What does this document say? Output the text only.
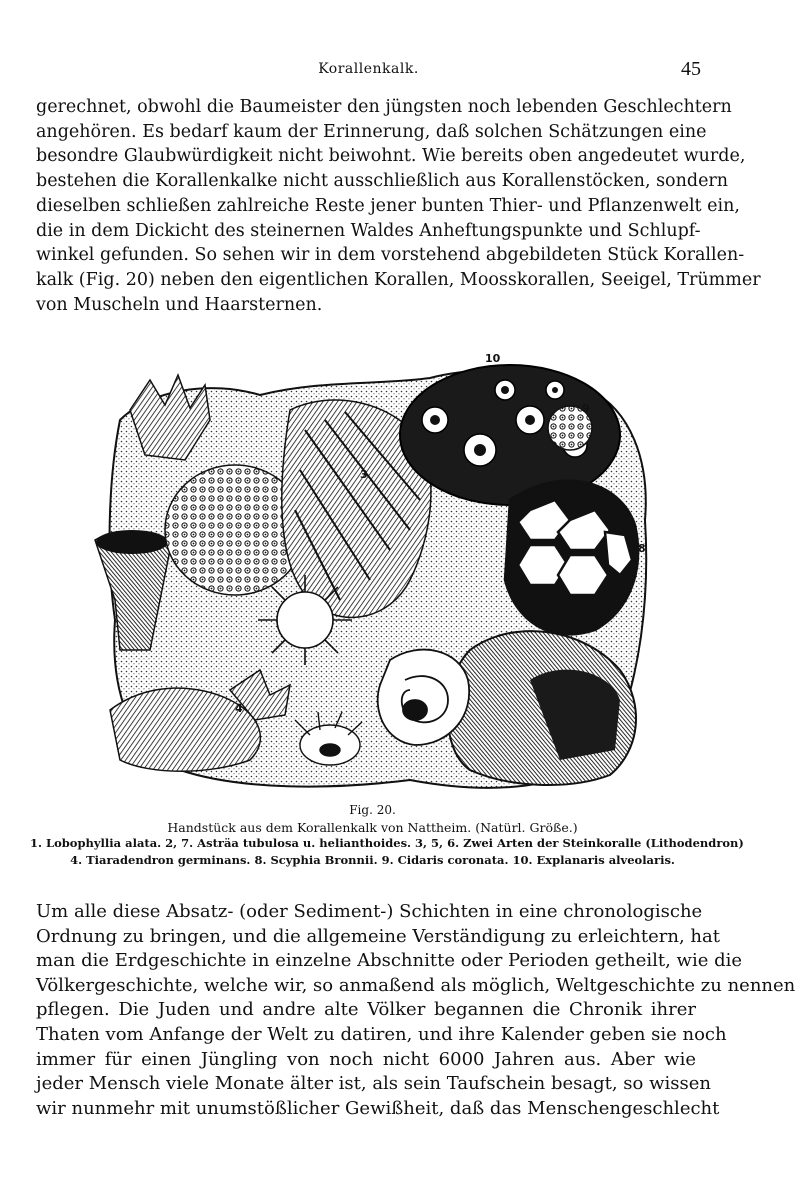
Korallenkalk.	45
gerechnet, obwohl die Baumeister den jüngsten noch lebenden Geschlechtern
angehören. Es bedarf kaum der Erinnerung, daß solchen Schätzungen eine
besondre Glaubwürdigkeit nicht beiwohnt. Wie bereits oben angedeutet wurde,
bestehen die Korallenkalke nicht ausschließlich aus Korallenstöcken, sondern
dieselben schließen zahlreiche Reste jener bunten Thier- und Pflanzenwelt ein,
die in dem Dickicht des steinernen Waldes Anheftungspunkte und Schlupf-
winkel gefunden. So sehen wir in dem vorstehend abgebildeten Stück Korallen-
kalk (Fig. 20) neben den eigentlichen Korallen, Moosskorallen, Seeigel, Trümmer
von Muscheln und Haarsternen.
10
9
8
3
4
Fig. 20.
Handstück aus dem Korallenkalk von Nattheim. (Natürl. Größe.)
1. Lobophyllia alata. 2, 7. Asträa tubulosa u. helianthoides. 3, 5, 6. Zwei Arten der Steinkoralle (Lithodendron)
4. Tiaradendron germinans. 8. Scyphia Bronnii. 9. Cidaris coronata. 10. Explanaris alveolaris.
Um alle diese Absatz- (oder Sediment-) Schichten in eine chronologische
Ordnung zu bringen, und die allgemeine Verständigung zu erleichtern, hat
man die Erdgeschichte in einzelne Abschnitte oder Perioden getheilt, wie die
Völkergeschichte, welche wir, so anmaßend als möglich, Weltgeschichte zu nennen
pflegen. Die Juden und andre alte Völker begannen die Chronik ihrer
Thaten vom Anfange der Welt zu datiren, und ihre Kalender geben sie noch
immer für einen Jüngling von noch nicht 6000 Jahren aus. Aber wie
jeder Mensch viele Monate älter ist, als sein Taufschein besagt, so wissen
wir nunmehr mit unumstößlicher Gewißheit, daß das Menschengeschlecht
